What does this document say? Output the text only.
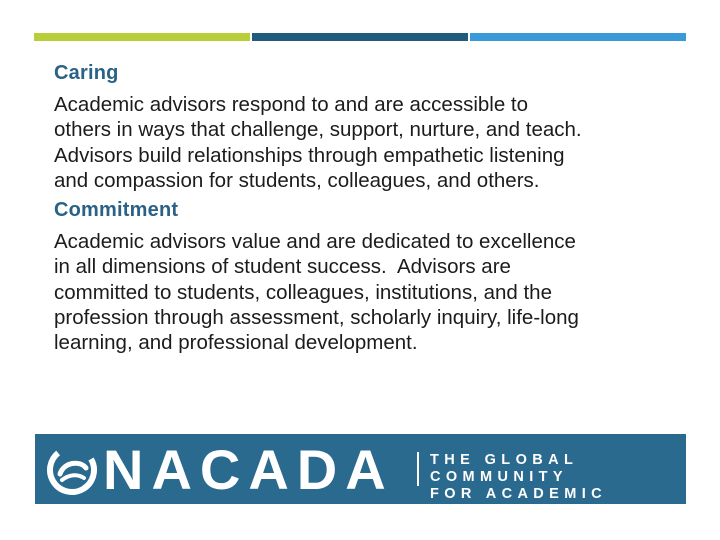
Caring

Academic advisors respond to and are accessible to
others in ways that challenge, support, nurture, and teach.
Advisors build relationships through empathetic listening
and compassion for students, colleagues, and others.

Commitment

Academic advisors value and are dedicated to excellence
in all dimensions of student success.  Advisors are
committed to students, colleagues, institutions, and the
profession through assessment, scholarly inquiry, life-long
learning, and professional development.

NACADA	THE GLOBAL COMMUNITY
FOR ACADEMIC ADVISING
